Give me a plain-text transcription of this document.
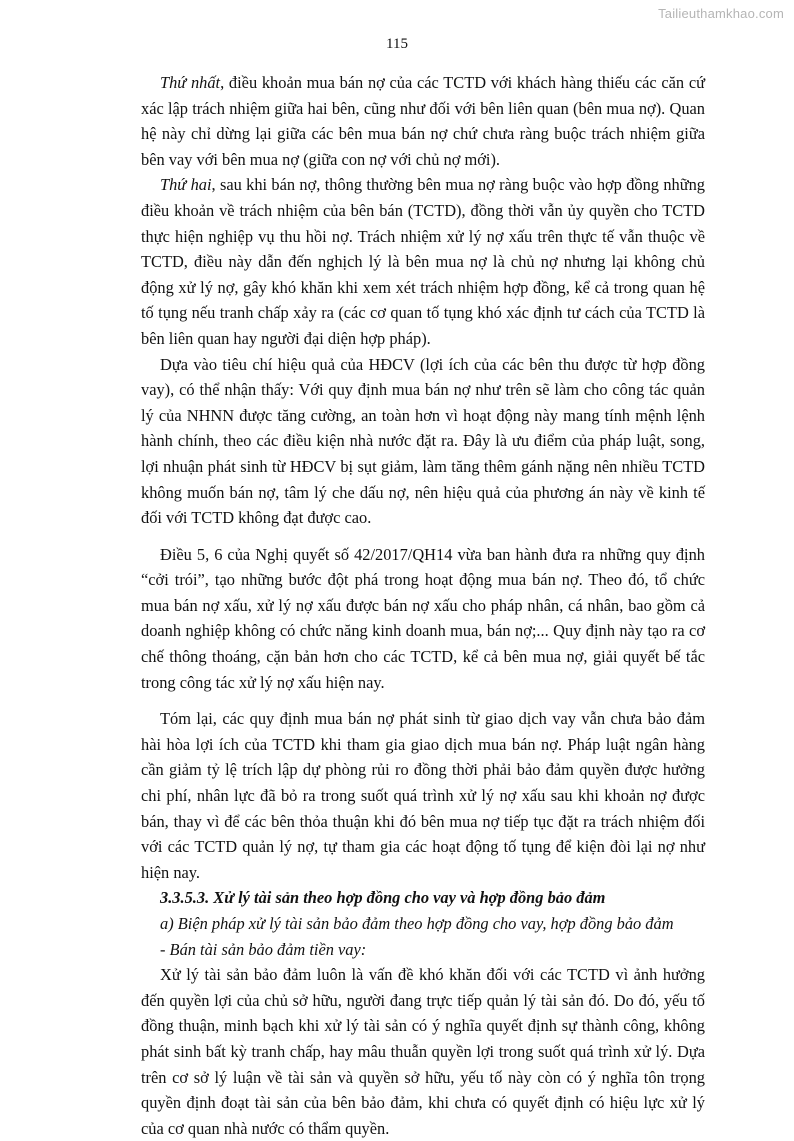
Tailieuthamkhao.com
115

Thứ nhất, điều khoản mua bán nợ của các TCTD với khách hàng thiếu các căn cứ xác lập trách nhiệm giữa hai bên, cũng như đối với bên liên quan (bên mua nợ). Quan hệ này chỉ dừng lại giữa các bên mua bán nợ chứ chưa ràng buộc trách nhiệm giữa bên vay với bên mua nợ (giữa con nợ với chủ nợ mới).

Thứ hai, sau khi bán nợ, thông thường bên mua nợ ràng buộc vào hợp đồng những điều khoản về trách nhiệm của bên bán (TCTD), đồng thời vẫn ủy quyền cho TCTD thực hiện nghiệp vụ thu hồi nợ. Trách nhiệm xử lý nợ xấu trên thực tế vẫn thuộc về TCTD, điều này dẫn đến nghịch lý là bên mua nợ là chủ nợ nhưng lại không chủ động xử lý nợ, gây khó khăn khi xem xét trách nhiệm hợp đồng, kể cả trong quan hệ tố tụng nếu tranh chấp xảy ra (các cơ quan tố tụng khó xác định tư cách của TCTD là bên liên quan hay người đại diện hợp pháp).

Dựa vào tiêu chí hiệu quả của HĐCV (lợi ích của các bên thu được từ hợp đồng vay), có thể nhận thấy: Với quy định mua bán nợ như trên sẽ làm cho công tác quản lý của NHNN được tăng cường, an toàn hơn vì hoạt động này mang tính mệnh lệnh hành chính, theo các điều kiện nhà nước đặt ra. Đây là ưu điểm của pháp luật, song, lợi nhuận phát sinh từ HĐCV bị sụt giảm, làm tăng thêm gánh nặng nên nhiều TCTD không muốn bán nợ, tâm lý che dấu nợ, nên hiệu quả của phương án này về kinh tế đối với TCTD không đạt được cao.

Điều 5, 6 của Nghị quyết số 42/2017/QH14 vừa ban hành đưa ra những quy định “cởi trói”, tạo những bước đột phá trong hoạt động mua bán nợ. Theo đó, tổ chức mua bán nợ xấu, xử lý nợ xấu được bán nợ xấu cho pháp nhân, cá nhân, bao gồm cả doanh nghiệp không có chức năng kinh doanh mua, bán nợ;... Quy định này tạo ra cơ chế thông thoáng, cặn bản hơn cho các TCTD, kể cả bên mua nợ, giải quyết bế tắc trong công tác xử lý nợ xấu hiện nay.

Tóm lại, các quy định mua bán nợ phát sinh từ giao dịch vay vẫn chưa bảo đảm hài hòa lợi ích của TCTD khi tham gia giao dịch mua bán nợ. Pháp luật ngân hàng cần giảm tỷ lệ trích lập dự phòng rủi ro đồng thời phải bảo đảm quyền được hưởng chi phí, nhân lực đã bỏ ra trong suốt quá trình xử lý nợ xấu sau khi khoản nợ được bán, thay vì để các bên thỏa thuận khi đó bên mua nợ tiếp tục đặt ra trách nhiệm đối với các TCTD quản lý nợ, tự tham gia các hoạt động tố tụng để kiện đòi lại nợ như hiện nay.

3.3.5.3. Xử lý tài sản theo hợp đồng cho vay và hợp đồng bảo đảm

a) Biện pháp xử lý tài sản bảo đảm theo hợp đồng cho vay, hợp đồng bảo đảm

- Bán tài sản bảo đảm tiền vay:

Xử lý tài sản bảo đảm luôn là vấn đề khó khăn đối với các TCTD vì ảnh hưởng đến quyền lợi của chủ sở hữu, người đang trực tiếp quản lý tài sản đó. Do đó, yếu tố đồng thuận, minh bạch khi xử lý tài sản có ý nghĩa quyết định sự thành công, không phát sinh bất kỳ tranh chấp, hay mâu thuẫn quyền lợi trong suốt quá trình xử lý. Dựa trên cơ sở lý luận về tài sản và quyền sở hữu, yếu tố này còn có ý nghĩa tôn trọng quyền định đoạt tài sản của bên bảo đảm, khi chưa có quyết định có hiệu lực xử lý của cơ quan nhà nước có thẩm quyền.
